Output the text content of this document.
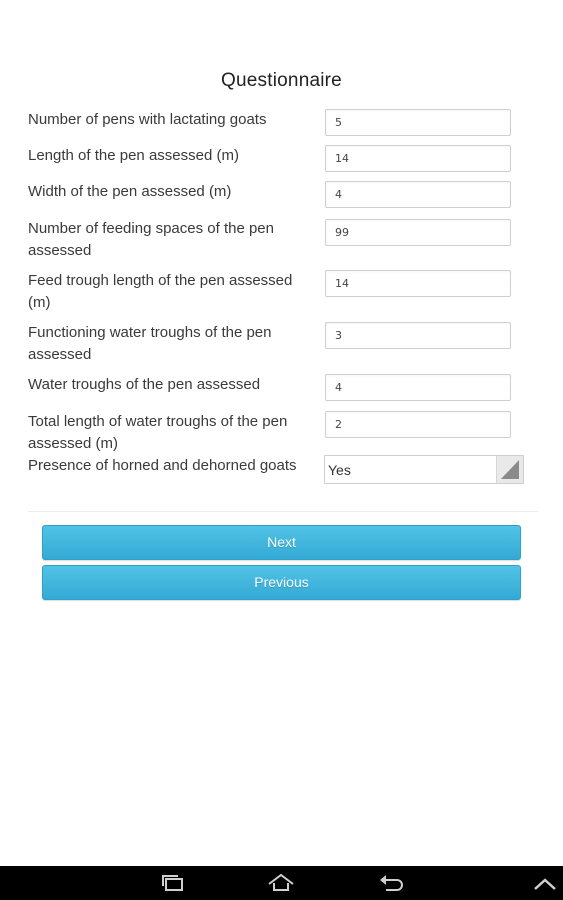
Questionnaire
Number of pens with lactating goats
5
Length of the pen assessed (m)
14
Width of the pen assessed (m)
4
Number of feeding spaces of the pen assessed
99
Feed trough length of the pen assessed (m)
14
Functioning water troughs of the pen assessed
3
Water troughs of the pen assessed
4
Total length of water troughs of the pen assessed (m)
2
Presence of horned and dehorned goats	Yes
Next
Previous
